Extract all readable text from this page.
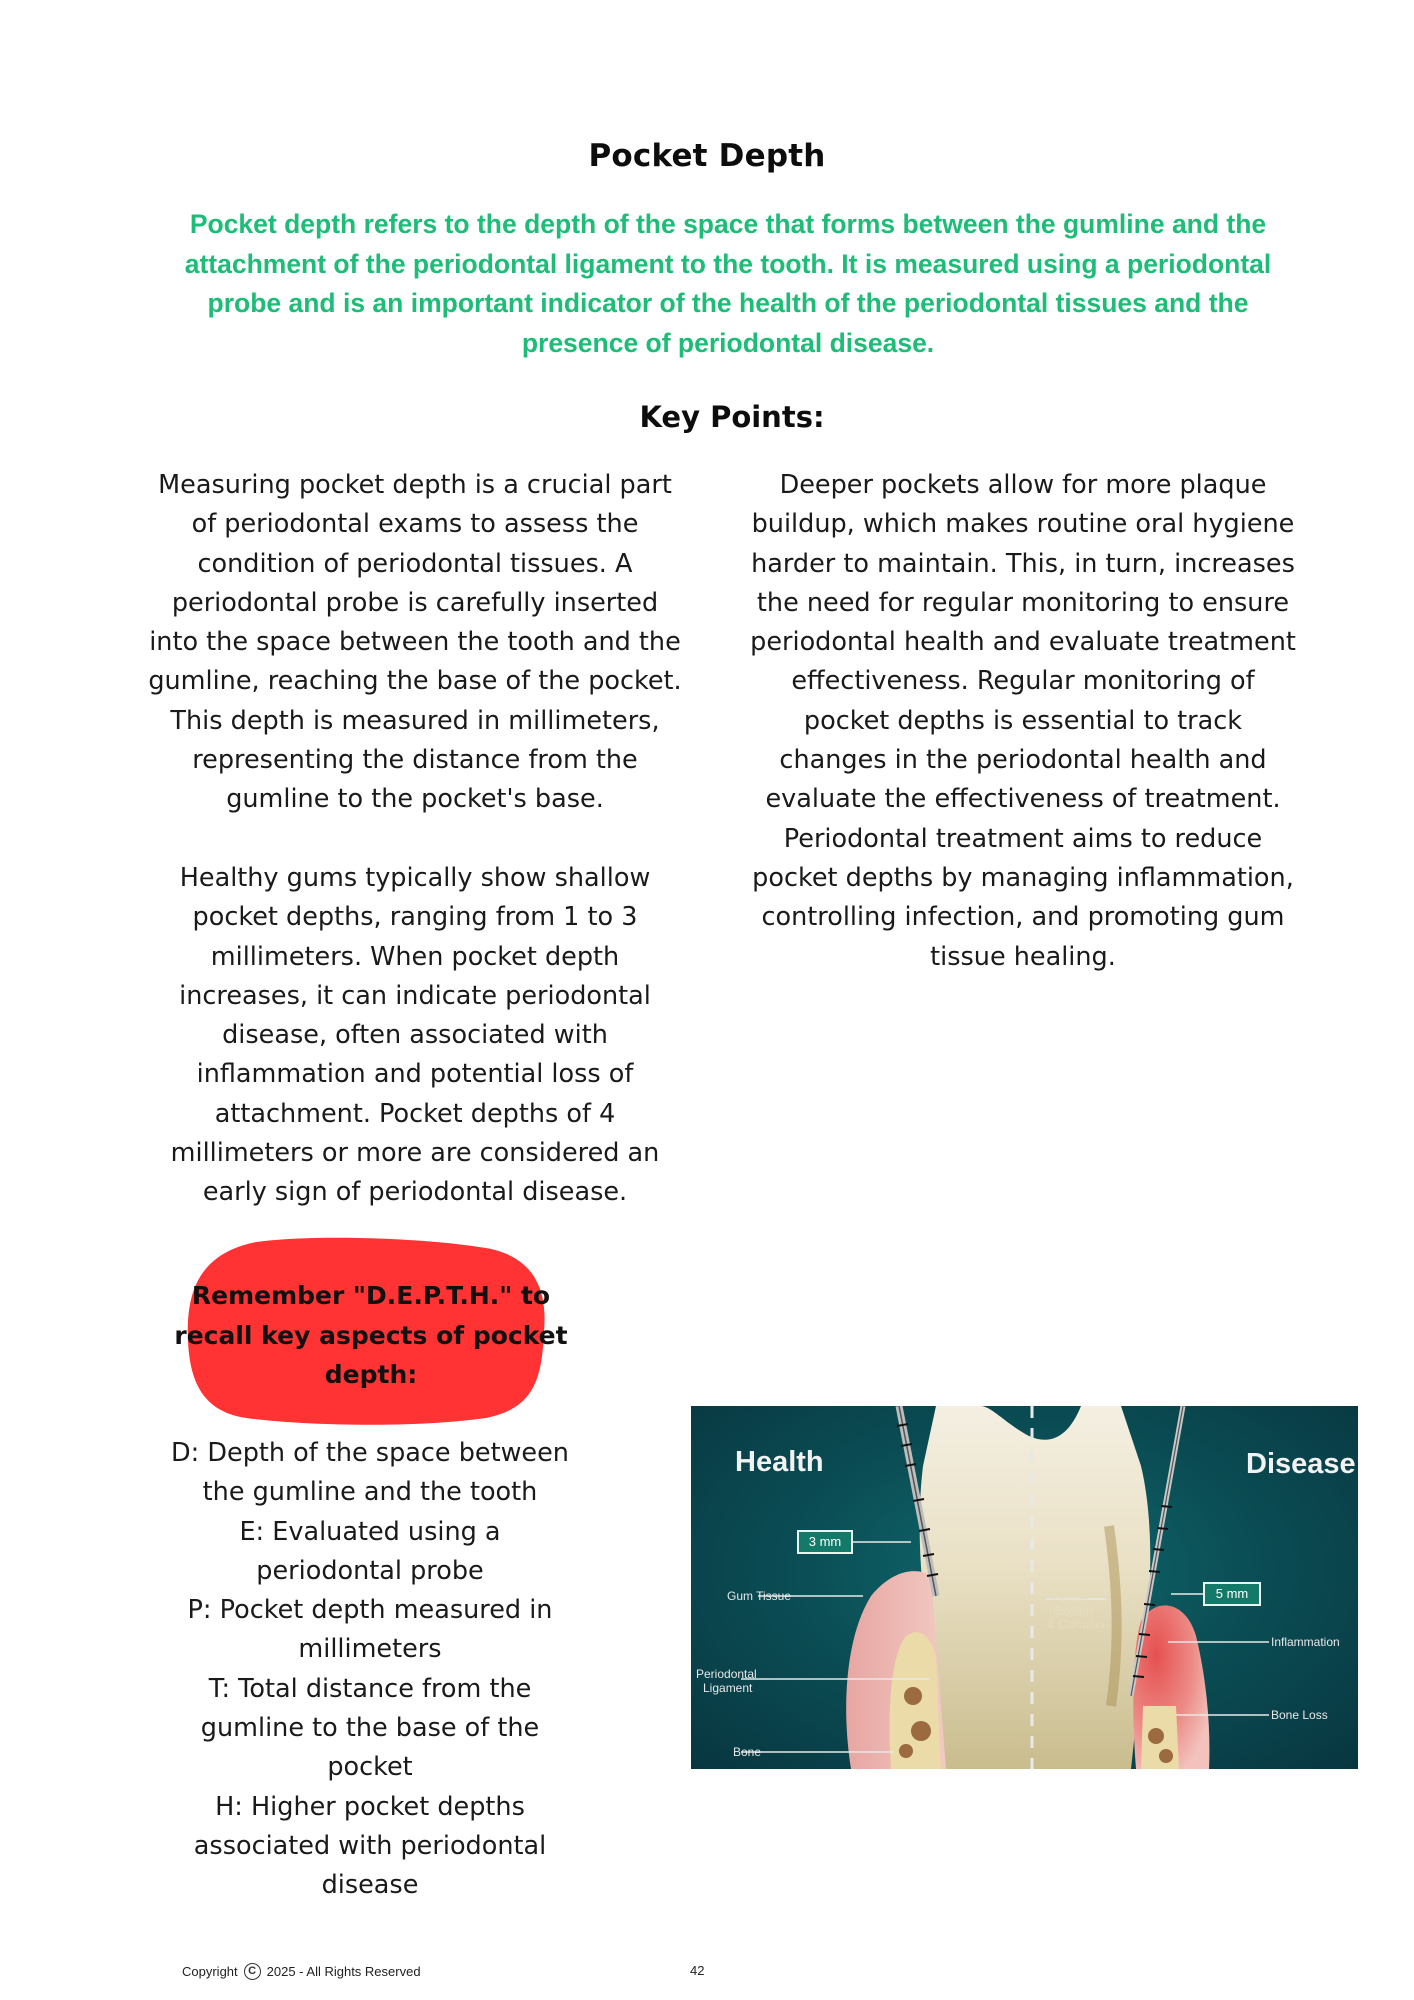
Pocket Depth
Pocket depth refers to the depth of the space that forms between the gumline and the attachment of the periodontal ligament to the tooth. It is measured using a periodontal probe and is an important indicator of the health of the periodontal tissues and the presence of periodontal disease.
Key Points:

Measuring pocket depth is a crucial part of periodontal exams to assess the condition of periodontal tissues. A periodontal probe is carefully inserted into the space between the tooth and the gumline, reaching the base of the pocket. This depth is measured in millimeters, representing the distance from the gumline to the pocket's base.

Healthy gums typically show shallow pocket depths, ranging from 1 to 3 millimeters. When pocket depth increases, it can indicate periodontal disease, often associated with inflammation and potential loss of attachment. Pocket depths of 4 millimeters or more are considered an early sign of periodontal disease.

Deeper pockets allow for more plaque buildup, which makes routine oral hygiene harder to maintain. This, in turn, increases the need for regular monitoring to ensure periodontal health and evaluate treatment effectiveness. Regular monitoring of pocket depths is essential to track changes in the periodontal health and evaluate the effectiveness of treatment. Periodontal treatment aims to reduce pocket depths by managing inflammation, controlling infection, and promoting gum tissue healing.

Remember "D.E.P.T.H." to recall key aspects of pocket depth:

D: Depth of the space between the gumline and the tooth

E: Evaluated using a periodontal probe

P: Pocket depth measured in millimeters

T: Total distance from the gumline to the base of the pocket

H: Higher pocket depths associated with periodontal disease

Health	Disease
3 mm
5 mm
Gum Tissue
Periodontal
Ligament
Bone
Plaque
(Biofilm)
& Calculus
Inflammation
Bone Loss
Copyright C 2025 - All Rights Reserved	42
